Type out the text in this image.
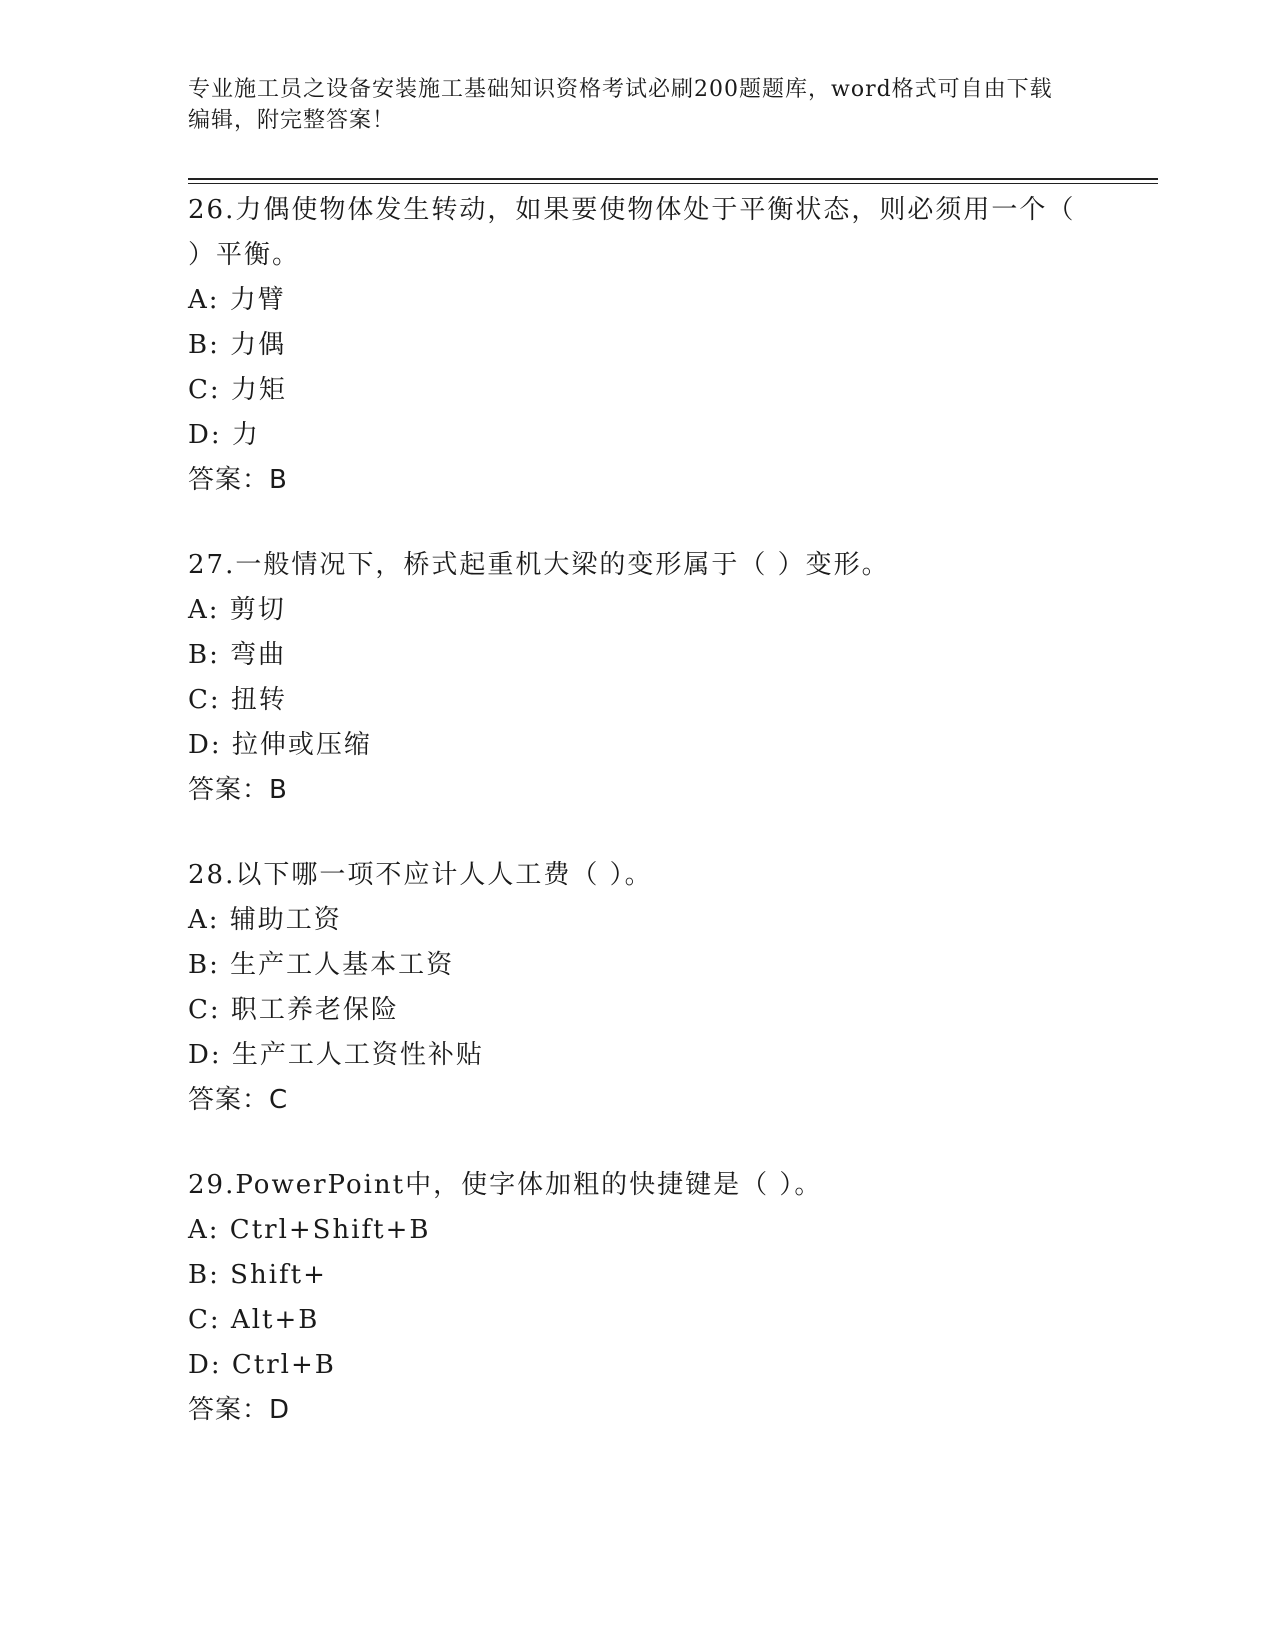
专业施工员之设备安装施工基础知识资格考试必刷200题题库，word格式可自由下载编辑，附完整答案！
26.力偶使物体发生转动，如果要使物体处于平衡状态，则必须用一个（ ）平衡。
A: 力臂
B: 力偶
C: 力矩
D: 力
答案：B
27.一般情况下，桥式起重机大梁的变形属于（ ）变形。
A: 剪切
B: 弯曲
C: 扭转
D: 拉伸或压缩
答案：B
28.以下哪一项不应计人人工费（ ）。
A: 辅助工资
B: 生产工人基本工资
C: 职工养老保险
D: 生产工人工资性补贴
答案：C
29.PowerPoint中，使字体加粗的快捷键是（ ）。
A: Ctrl+Shift+B
B: Shift+
C: Alt+B
D: Ctrl+B
答案：D
